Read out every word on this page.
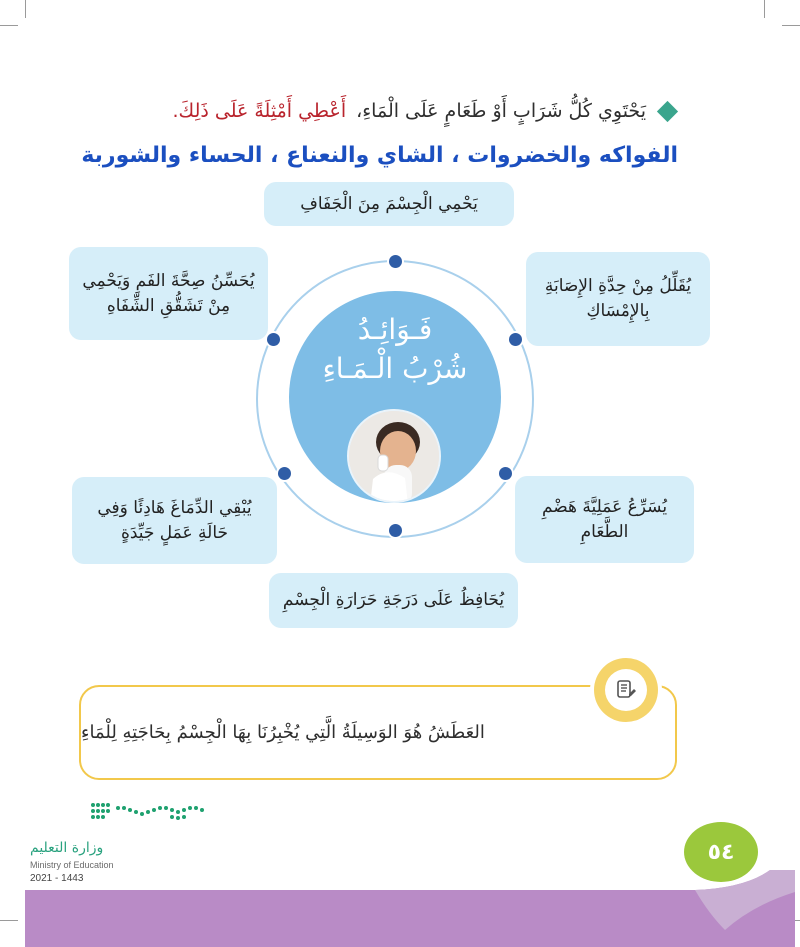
يَحْتَوِي كُلُّ شَرَابٍ أَوْ طَعَامٍ عَلَى الْمَاءِ،
أَعْطِي أَمْثِلَةً عَلَى ذَلِكَ.
الفواكه والخضروات ، الشاي والنعناع ، الحساء والشوربة
يَحْمِي الْجِسْمَ مِنَ الْجَفَافِ
يُقَلِّلُ مِنْ حِدَّةِ الإِصَابَةِ بِالإِمْسَاكِ
يُحَسِّنُ صِحَّةَ الفَمِ وَيَحْمِي مِنْ تَشَقُّقِ الشِّفَاهِ
يُسَرِّعُ عَمَلِيَّةَ هَضْمِ الطَّعَامِ
يُبْقِي الدِّمَاغَ هَادِئًا وَفِي حَالَةِ عَمَلٍ جَيِّدَةٍ
يُحَافِظُ عَلَى دَرَجَةِ حَرَارَةِ الْجِسْمِ
فَـوَائِـدُ
شُرْبُ الْـمَـاءِ
العَطَشُ هُوَ الوَسِيلَةُ الَّتِي يُخْبِرُنَا بِهَا الْجِسْمُ بِحَاجَتِهِ لِلْمَاءِ
وزارة التعليم
Ministry of Education
2021 - 1443
٥٤
